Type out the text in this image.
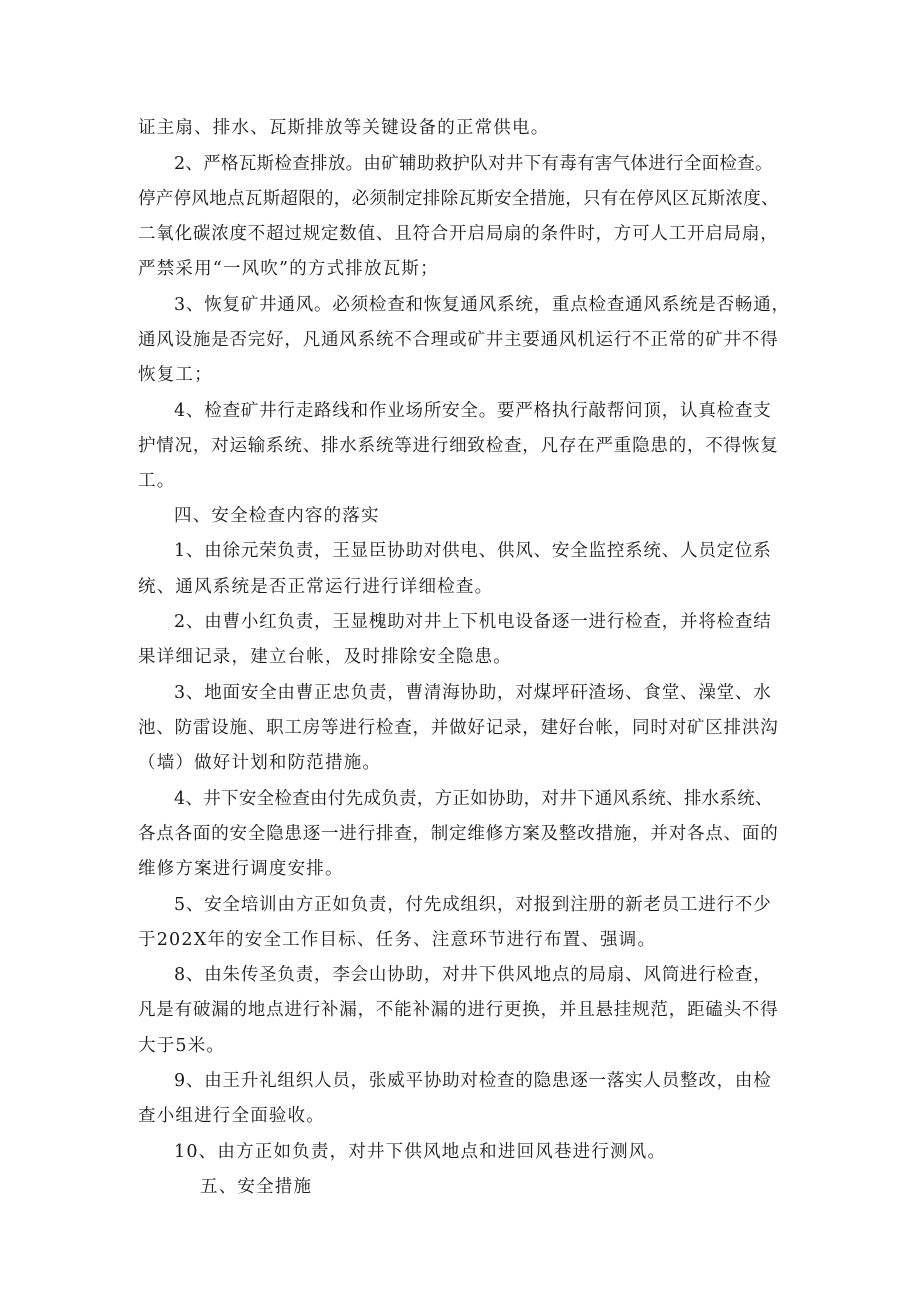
证主扇、排水、瓦斯排放等关键设备的正常供电。
2、严格瓦斯检查排放。由矿辅助救护队对井下有毒有害气体进行全面检查。
停产停风地点瓦斯超限的，必须制定排除瓦斯安全措施，只有在停风区瓦斯浓度、
二氧化碳浓度不超过规定数值、且符合开启局扇的条件时，方可人工开启局扇，
严禁采用“一风吹”的方式排放瓦斯；
3、恢复矿井通风。必须检查和恢复通风系统，重点检查通风系统是否畅通，
通风设施是否完好，凡通风系统不合理或矿井主要通风机运行不正常的矿井不得
恢复工；
4、检查矿井行走路线和作业场所安全。要严格执行敲帮问顶，认真检查支
护情况，对运输系统、排水系统等进行细致检查，凡存在严重隐患的，不得恢复
工。
四、安全检查内容的落实
1、由徐元荣负责，王显臣协助对供电、供风、安全监控系统、人员定位系
统、通风系统是否正常运行进行详细检查。
2、由曹小红负责，王显槐助对井上下机电设备逐一进行检查，并将检查结
果详细记录，建立台帐，及时排除安全隐患。
3、地面安全由曹正忠负责，曹清海协助，对煤坪矸渣场、食堂、澡堂、水
池、防雷设施、职工房等进行检查，并做好记录，建好台帐，同时对矿区排洪沟
（墙）做好计划和防范措施。
4、井下安全检查由付先成负责，方正如协助，对井下通风系统、排水系统、
各点各面的安全隐患逐一进行排查，制定维修方案及整改措施，并对各点、面的
维修方案进行调度安排。
5、安全培训由方正如负责，付先成组织，对报到注册的新老员工进行不少
于202X年的安全工作目标、任务、注意环节进行布置、强调。
8、由朱传圣负责，李会山协助，对井下供风地点的局扇、风筒进行检查，
凡是有破漏的地点进行补漏，不能补漏的进行更换，并且悬挂规范，距磕头不得
大于5米。
9、由王升礼组织人员，张威平协助对检查的隐患逐一落实人员整改，由检
查小组进行全面验收。
10、由方正如负责，对井下供风地点和进回风巷进行测风。
五、安全措施
